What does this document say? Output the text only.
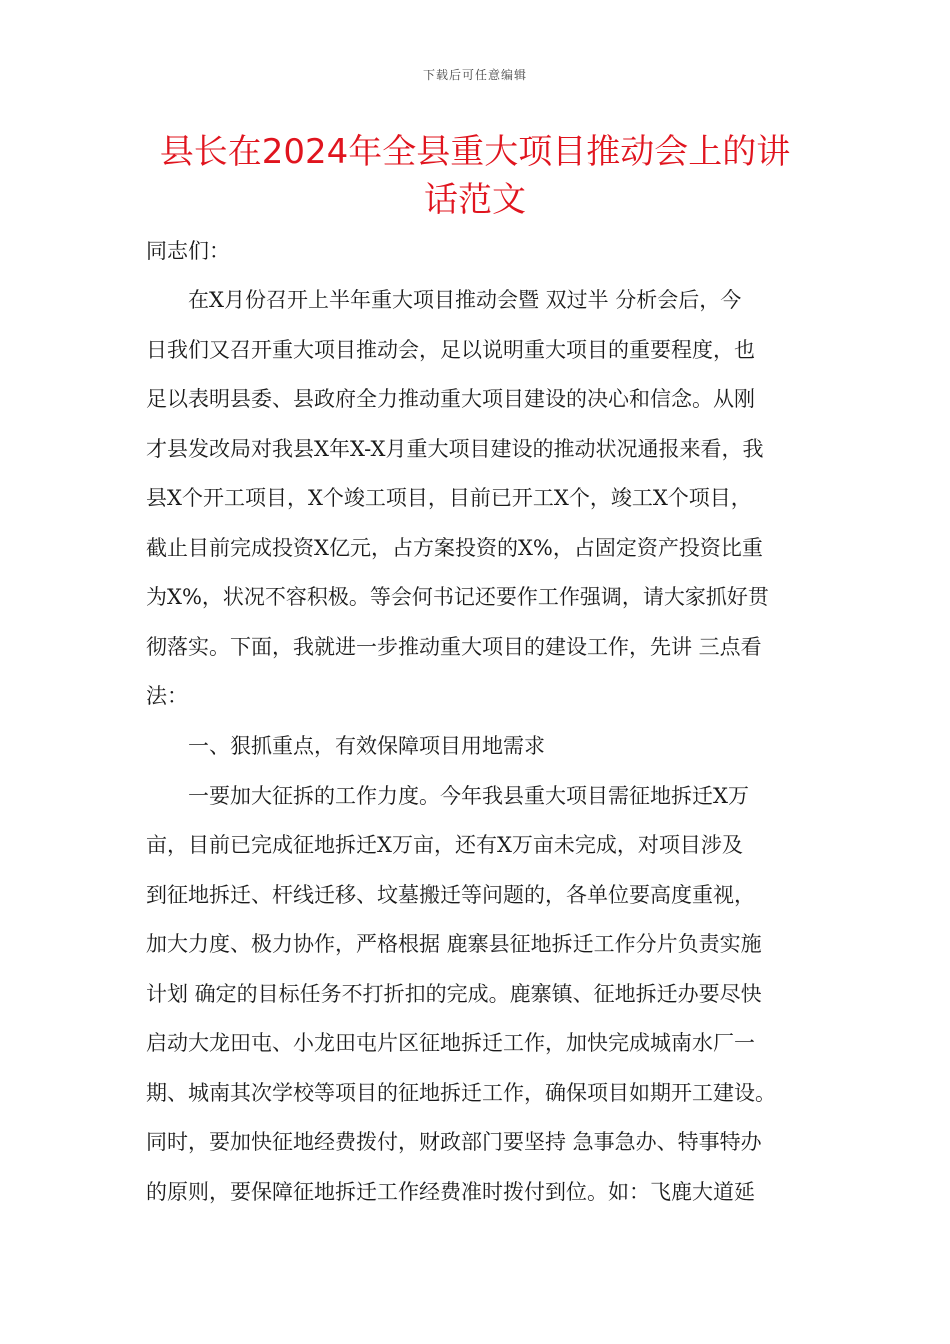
下载后可任意编辑
县长在2024年全县重大项目推动会上的讲
话范文
同志们：
　　在X月份召开上半年重大项目推动会暨 双过半 分析会后，今
日我们又召开重大项目推动会，足以说明重大项目的重要程度，也
足以表明县委、县政府全力推动重大项目建设的决心和信念。从刚
才县发改局对我县X年X-X月重大项目建设的推动状况通报来看，我
县X个开工项目，X个竣工项目，目前已开工X个，竣工X个项目，
截止目前完成投资X亿元，占方案投资的X%，占固定资产投资比重
为X%，状况不容积极。等会何书记还要作工作强调，请大家抓好贯
彻落实。下面，我就进一步推动重大项目的建设工作，先讲 三点看
法：
　　一、狠抓重点，有效保障项目用地需求
　　一要加大征拆的工作力度。今年我县重大项目需征地拆迁X万
亩，目前已完成征地拆迁X万亩，还有X万亩未完成，对项目涉及
到征地拆迁、杆线迁移、坟墓搬迁等问题的，各单位要高度重视，
加大力度、极力协作，严格根据 鹿寨县征地拆迁工作分片负责实施
计划 确定的目标任务不打折扣的完成。鹿寨镇、征地拆迁办要尽快
启动大龙田屯、小龙田屯片区征地拆迁工作，加快完成城南水厂一
期、城南其次学校等项目的征地拆迁工作，确保项目如期开工建设。
同时，要加快征地经费拨付，财政部门要坚持 急事急办、特事特办
的原则，要保障征地拆迁工作经费准时拨付到位。如：飞鹿大道延
